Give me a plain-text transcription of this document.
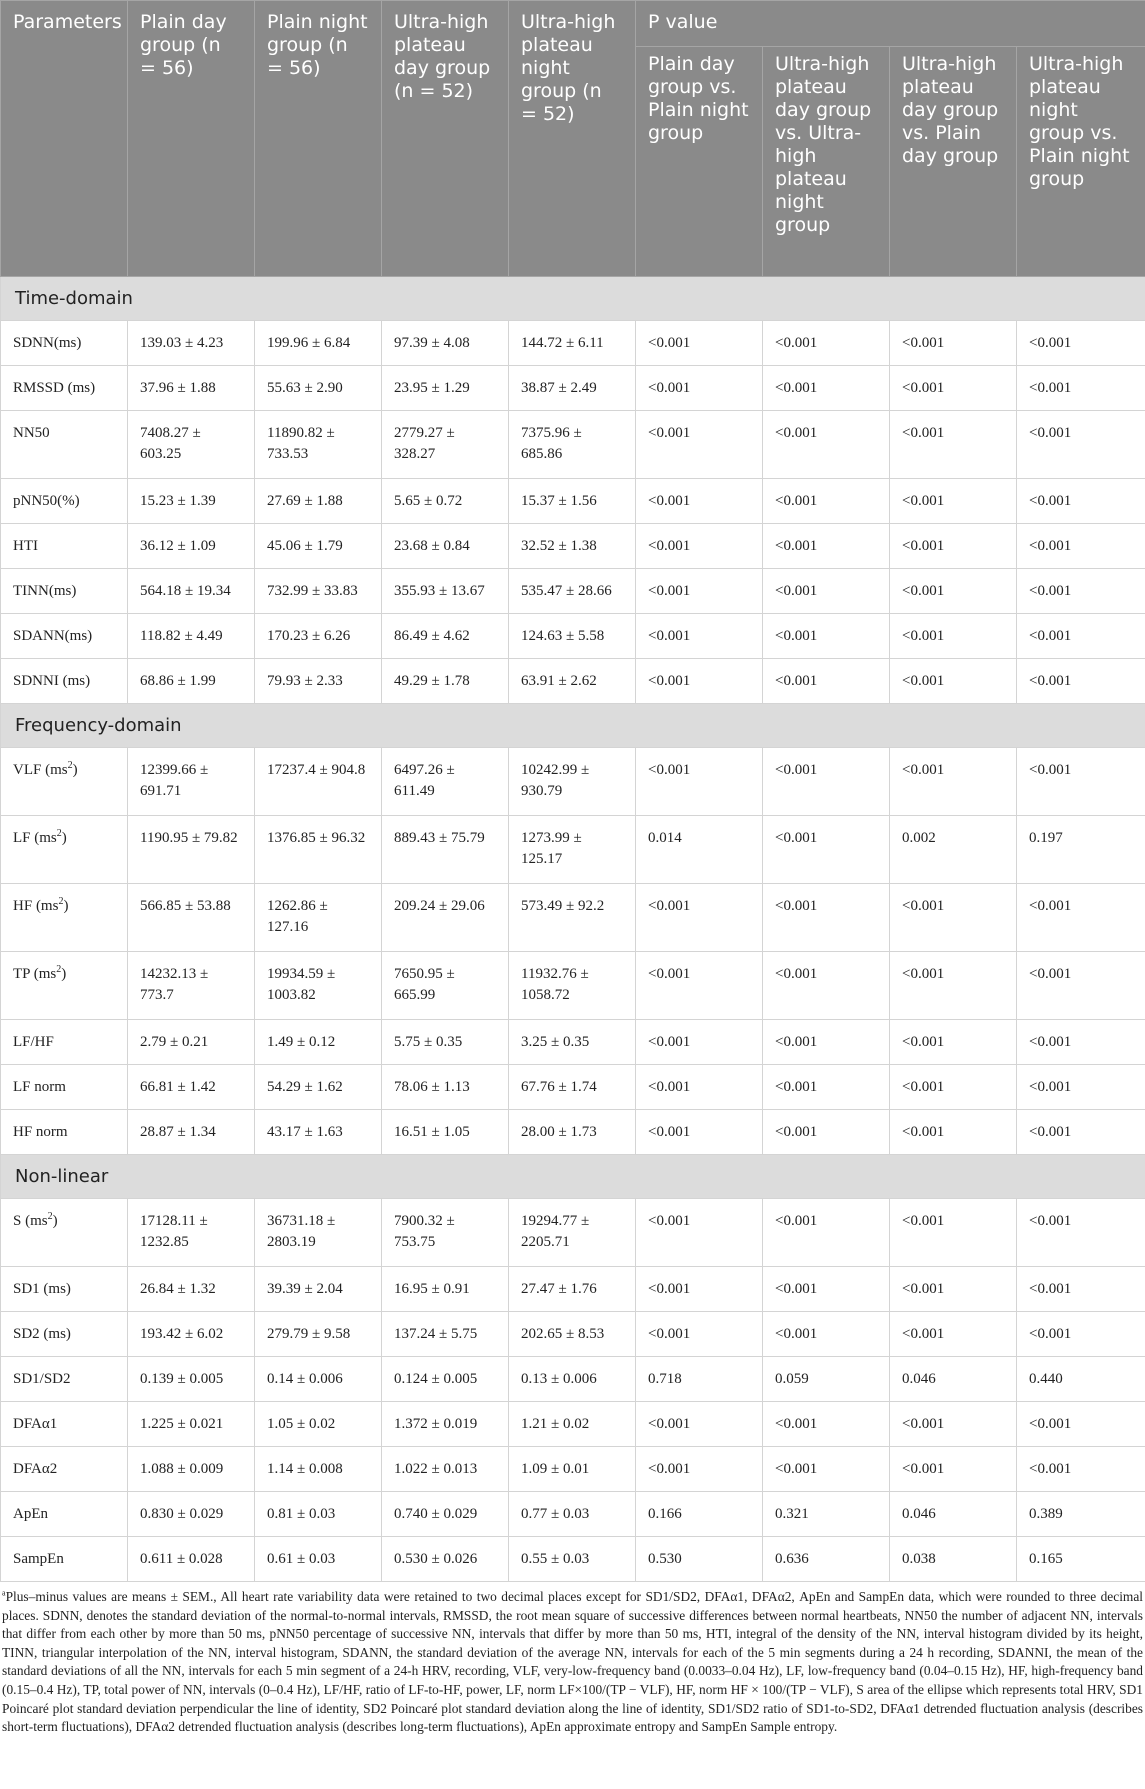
Parameters	Plain day group (n = 56)	Plain night group (n = 56)	Ultra-high plateau day group (n = 52)	Ultra-high plateau night group (n = 52)	P value			
					Plain day group vs. Plain night group	Ultra-high plateau day group vs. Ultra-high plateau night group	Ultra-high plateau day group vs. Plain day group	Ultra-high plateau night group vs. Plain night group
Time-domain								
SDNN(ms)	139.03 ± 4.23	199.96 ± 6.84	97.39 ± 4.08	144.72 ± 6.11	<0.001	<0.001	<0.001	<0.001
RMSSD (ms)	37.96 ± 1.88	55.63 ± 2.90	23.95 ± 1.29	38.87 ± 2.49	<0.001	<0.001	<0.001	<0.001
NN50	7408.27 ± 603.25	11890.82 ± 733.53	2779.27 ± 328.27	7375.96 ± 685.86	<0.001	<0.001	<0.001	<0.001
pNN50(%)	15.23 ± 1.39	27.69 ± 1.88	5.65 ± 0.72	15.37 ± 1.56	<0.001	<0.001	<0.001	<0.001
HTI	36.12 ± 1.09	45.06 ± 1.79	23.68 ± 0.84	32.52 ± 1.38	<0.001	<0.001	<0.001	<0.001
TINN(ms)	564.18 ± 19.34	732.99 ± 33.83	355.93 ± 13.67	535.47 ± 28.66	<0.001	<0.001	<0.001	<0.001
SDANN(ms)	118.82 ± 4.49	170.23 ± 6.26	86.49 ± 4.62	124.63 ± 5.58	<0.001	<0.001	<0.001	<0.001
SDNNI (ms)	68.86 ± 1.99	79.93 ± 2.33	49.29 ± 1.78	63.91 ± 2.62	<0.001	<0.001	<0.001	<0.001
Frequency-domain								
VLF $(ms^2)$	12399.66 ± 691.71	17237.4 ± 904.8	6497.26 ± 611.49	10242.99 ± 930.79	<0.001	<0.001	<0.001	<0.001
LF $(ms^2)$	1190.95 ± 79.82	1376.85 ± 96.32	889.43 ± 75.79	1273.99 ± 125.17	0.014	<0.001	0.002	0.197
HF $(ms^2)$	566.85 ± 53.88	1262.86 ± 127.16	209.24 ± 29.06	573.49 ± 92.2	<0.001	<0.001	<0.001	<0.001
TP $(ms^2)$	14232.13 ± 773.7	19934.59 ± 1003.82	7650.95 ± 665.99	11932.76 ± 1058.72	<0.001	<0.001	<0.001	<0.001
LF/HF	2.79 ± 0.21	1.49 ± 0.12	5.75 ± 0.35	3.25 ± 0.35	<0.001	<0.001	<0.001	<0.001
LF norm	66.81 ± 1.42	54.29 ± 1.62	78.06 ± 1.13	67.76 ± 1.74	<0.001	<0.001	<0.001	<0.001
HF norm	28.87 ± 1.34	43.17 ± 1.63	16.51 ± 1.05	28.00 ± 1.73	<0.001	<0.001	<0.001	<0.001
Non-linear								
S $(ms^2)$	17128.11 ± 1232.85	36731.18 ± 2803.19	7900.32 ± 753.75	19294.77 ± 2205.71	<0.001	<0.001	<0.001	<0.001
SD1 (ms)	26.84 ± 1.32	39.39 ± 2.04	16.95 ± 0.91	27.47 ± 1.76	<0.001	<0.001	<0.001	<0.001
SD2 (ms)	193.42 ± 6.02	279.79 ± 9.58	137.24 ± 5.75	202.65 ± 8.53	<0.001	<0.001	<0.001	<0.001
SD1/SD2	0.139 ± 0.005	0.14 ± 0.006	0.124 ± 0.005	0.13 ± 0.006	0.718	0.059	0.046	0.440
DFAα1	1.225 ± 0.021	1.05 ± 0.02	1.372 ± 0.019	1.21 ± 0.02	<0.001	<0.001	<0.001	<0.001
DFAα2	1.088 ± 0.009	1.14 ± 0.008	1.022 ± 0.013	1.09 ± 0.01	<0.001	<0.001	<0.001	<0.001
ApEn	0.830 ± 0.029	0.81 ± 0.03	0.740 ± 0.029	0.77 ± 0.03	0.166	0.321	0.046	0.389
SampEn	0.611 ± 0.028	0.61 ± 0.03	0.530 ± 0.026	0.55 ± 0.03	0.530	0.636	0.038	0.165
$^a$Plus–minus values are means ± SEM., All heart rate variability data were retained to two decimal places except for SD1/SD2, DFAα1, DFAα2, ApEn and SampEn data, which were rounded to three decimal places. SDNN, denotes the standard deviation of the normal-to-normal intervals, RMSSD, the root mean square of successive differences between normal heartbeats, NN50 the number of adjacent NN, intervals that differ from each other by more than 50 ms, pNN50 percentage of successive NN, intervals that differ by more than 50 ms, HTI, integral of the density of the NN, interval histogram divided by its height, TINN, triangular interpolation of the NN, interval histogram, SDANN, the standard deviation of the average NN, intervals for each of the 5 min segments during a 24 h recording, SDANNI, the mean of the standard deviations of all the NN, intervals for each 5 min segment of a 24-h HRV, recording, VLF, very-low-frequency band (0.0033–0.04 Hz), LF, low-frequency band (0.04–0.15 Hz), HF, high-frequency band (0.15–0.4 Hz), TP, total power of NN, intervals (0–0.4 Hz), LF/HF, ratio of LF-to-HF, power, LF, norm LF×100/(TP − VLF), HF, norm HF × 100/(TP − VLF), S area of the ellipse which represents total HRV, SD1 Poincaré plot standard deviation perpendicular the line of identity, SD2 Poincaré plot standard deviation along the line of identity, SD1/SD2 ratio of SD1-to-SD2, DFAα1 detrended fluctuation analysis (describes short-term fluctuations), DFAα2 detrended fluctuation analysis (describes long-term fluctuations), ApEn approximate entropy and SampEn Sample entropy.
